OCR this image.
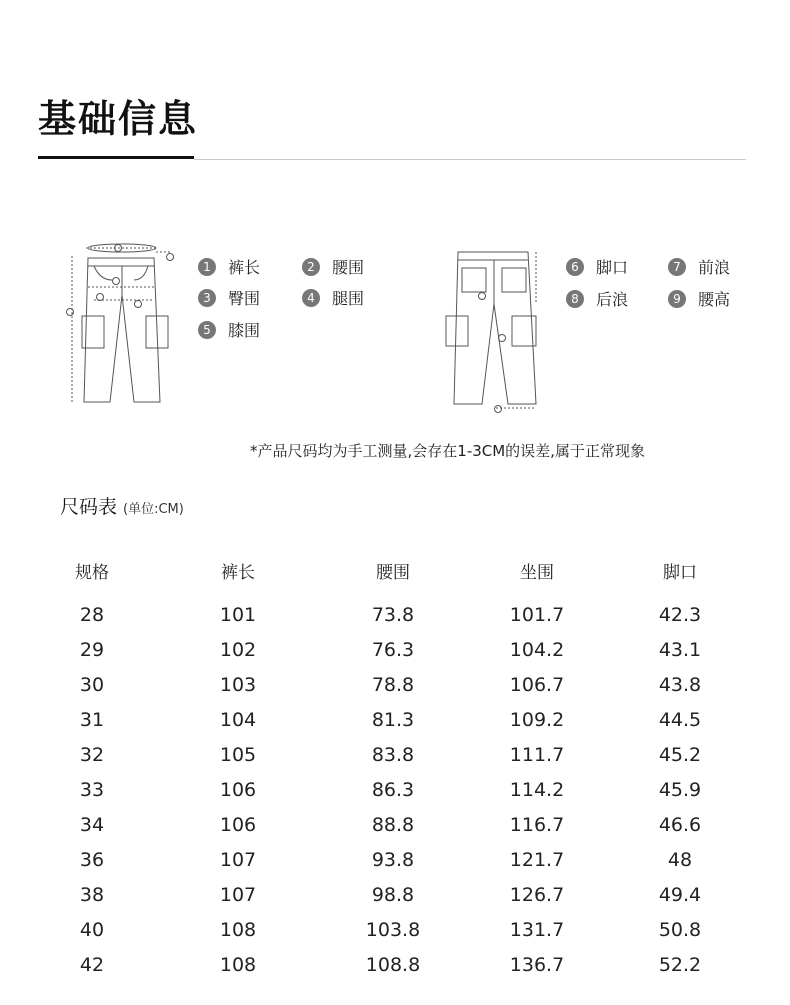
基础信息
1	裤长	2	腰围
3	臀围	4	腿围
5	膝围
6	脚口	7	前浪
8	后浪	9	腰高
*产品尺码均为手工测量,会存在1-3CM的误差,属于正常现象
尺码表 (单位:CM)
规格	裤长	腰围	坐围	脚口
28	101	73.8	101.7	42.3
29	102	76.3	104.2	43.1
30	103	78.8	106.7	43.8
31	104	81.3	109.2	44.5
32	105	83.8	111.7	45.2
33	106	86.3	114.2	45.9
34	106	88.8	116.7	46.6
36	107	93.8	121.7	48
38	107	98.8	126.7	49.4
40	108	103.8	131.7	50.8
42	108	108.8	136.7	52.2
